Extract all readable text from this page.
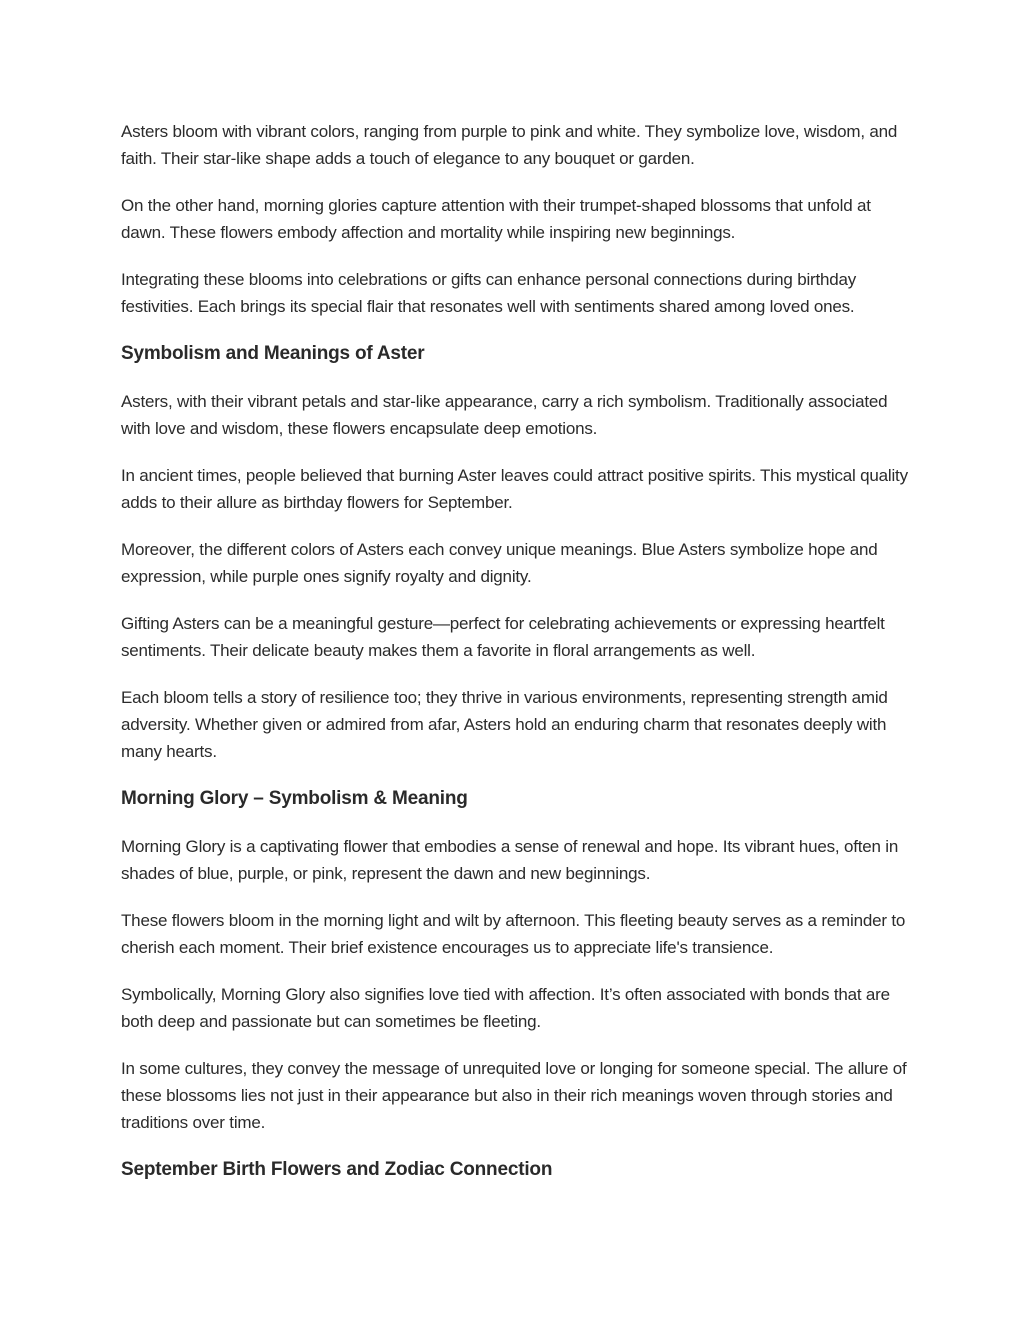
Asters bloom with vibrant colors, ranging from purple to pink and white. They symbolize love, wisdom, and faith. Their star-like shape adds a touch of elegance to any bouquet or garden.

On the other hand, morning glories capture attention with their trumpet-shaped blossoms that unfold at dawn. These flowers embody affection and mortality while inspiring new beginnings.

Integrating these blooms into celebrations or gifts can enhance personal connections during birthday festivities. Each brings its special flair that resonates well with sentiments shared among loved ones.

Symbolism and Meanings of Aster

Asters, with their vibrant petals and star-like appearance, carry a rich symbolism. Traditionally associated with love and wisdom, these flowers encapsulate deep emotions.

In ancient times, people believed that burning Aster leaves could attract positive spirits. This mystical quality adds to their allure as birthday flowers for September.

Moreover, the different colors of Asters each convey unique meanings. Blue Asters symbolize hope and expression, while purple ones signify royalty and dignity.

Gifting Asters can be a meaningful gesture—perfect for celebrating achievements or expressing heartfelt sentiments. Their delicate beauty makes them a favorite in floral arrangements as well.

Each bloom tells a story of resilience too; they thrive in various environments, representing strength amid adversity. Whether given or admired from afar, Asters hold an enduring charm that resonates deeply with many hearts.

Morning Glory – Symbolism & Meaning

Morning Glory is a captivating flower that embodies a sense of renewal and hope. Its vibrant hues, often in shades of blue, purple, or pink, represent the dawn and new beginnings.

These flowers bloom in the morning light and wilt by afternoon. This fleeting beauty serves as a reminder to cherish each moment. Their brief existence encourages us to appreciate life's transience.

Symbolically, Morning Glory also signifies love tied with affection. It’s often associated with bonds that are both deep and passionate but can sometimes be fleeting.

In some cultures, they convey the message of unrequited love or longing for someone special. The allure of these blossoms lies not just in their appearance but also in their rich meanings woven through stories and traditions over time.

September Birth Flowers and Zodiac Connection
